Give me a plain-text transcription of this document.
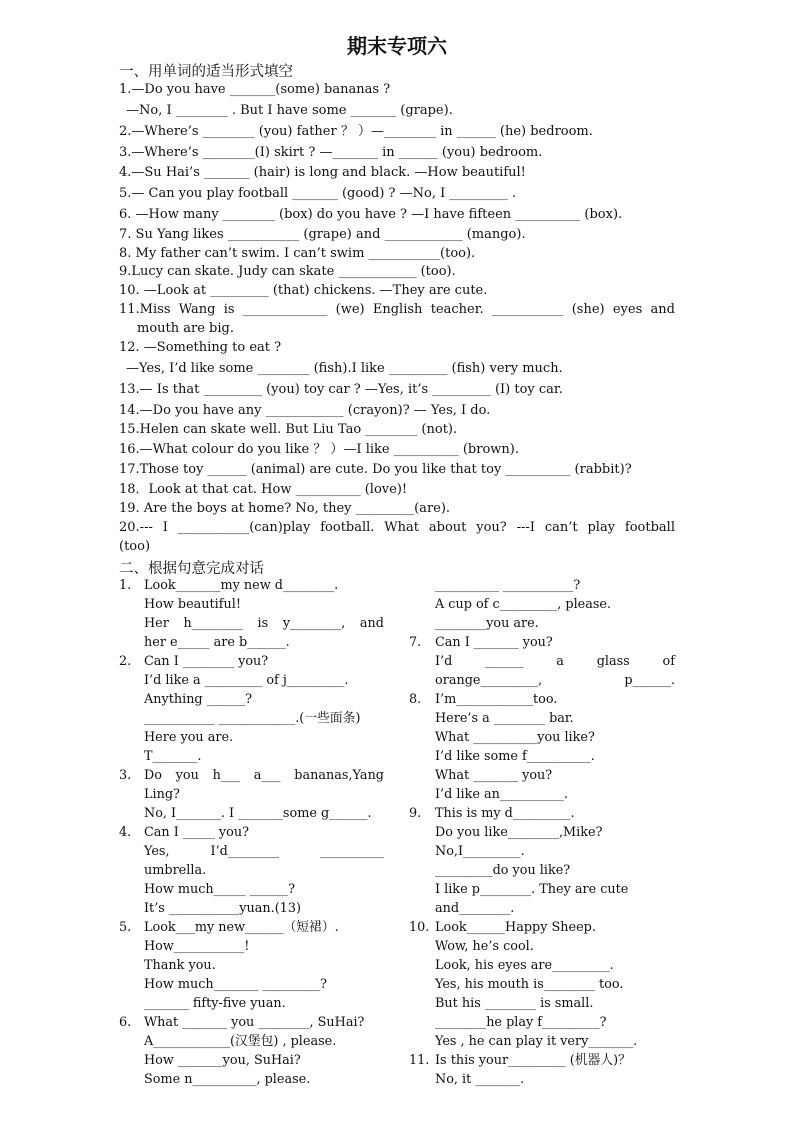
期末专项六
一、用单词的适当形式填空
1.—Do you have _______(some) bananas ?
—No, I ________ . But I have some _______ (grape).
2.—Where’s ________ (you) father ？ ）—________ in ______ (he) bedroom.
3.—Where’s ________(I) skirt ? —_______ in ______ (you) bedroom.
4.—Su Hai’s _______ (hair) is long and black. —How beautiful!
5.— Can you play football _______ (good) ? —No, I _________ .
6. —How many ________ (box) do you have ? —I have fifteen __________ (box).
7. Su Yang likes ___________ (grape) and ____________ (mango).
8. My father can’t swim. I can’t swim ___________(too).
9.Lucy can skate. Judy can skate ____________ (too).
10. —Look at _________ (that) chickens. —They are cute.
11.Miss Wang is _____________ (we) English teacher. ___________ (she) eyes and
mouth are big.
12. —Something to eat ?
—Yes, I’d like some ________ (fish).I like _________ (fish) very much.
13.— Is that _________ (you) toy car ? —Yes, it’s _________ (I) toy car.
14.—Do you have any ____________ (crayon)? — Yes, I do.
15.Helen can skate well. But Liu Tao ________ (not).
16.—What colour do you like ？ ）—I like __________ (brown).
17.Those toy ______ (animal) are cute. Do you like that toy __________ (rabbit)?
18．Look at that cat. How __________ (love)!
19. Are the boys at home? No, they _________(are).
20.--- I ___________(can)play football. What about you? ---I can’t play football
(too)
二、根据句意完成对话
1. Look_______my new d________.
How beautiful!
Her h________ is y________, and
her e_____ are b______.
2. Can I ________ you?
I’d like a _________ of j_________.
Anything ______?
___________ ____________.(一些面条)
Here you are.
T_______.
3. Do you h___ a___ bananas,Yang
Ling?
No, I_______. I _______some g______.
4. Can I _____ you?
Yes, I’d________ __________
umbrella.
How much_____ ______?
It’s ___________yuan.(13)
5. Look___my new______（短裙）.
How___________!
Thank you.
How much_______ _________?
_______ fifty-five yuan.
6. What _______ you ________, SuHai?
A____________(汉堡包) , please.
How _______you, SuHai?
Some n__________, please.
__________ ___________?
A cup of c_________, please.
________you are.
7.	Can I _______ you?
I’d ______ a glass of
orange_________, p______.
8.	I’m____________too.
Here’s a ________ bar.
What __________you like?
I’d like some f__________.
What _______ you?
I’d like an__________.
9.	This is my d_________.
Do you like________,Mike?
No,I_________.
_________do you like?
I like p________. They are cute
and________.
10. Look______Happy Sheep.
Wow, he’s cool.
Look, his eyes are_________.
Yes, his mouth is________ too.
But his ________ is small.
________he play f_________?
Yes , he can play it very_______.
11. Is this your_________ (机器人)？
No, it _______.
